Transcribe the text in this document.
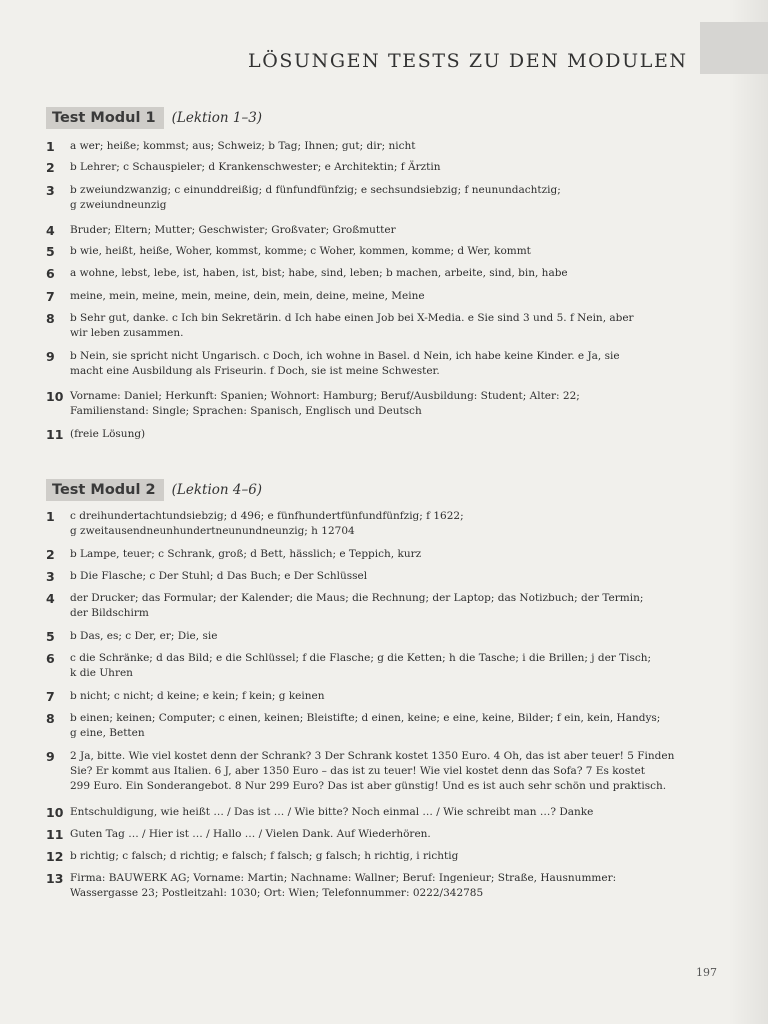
LÖSUNGEN TESTS ZU DEN MODULEN
Test Modul 1	(Lektion 1–3)
1	a wer; heiße; kommst; aus; Schweiz; b Tag; Ihnen; gut; dir; nicht
2	b Lehrer; c Schauspieler; d Krankenschwester; e Architektin; f Ärztin
3	b zweiundzwanzig; c einunddreißig; d fünfundfünfzig; e sechsundsiebzig; f neunundachtzig;
g zweiundneunzig
4	Bruder; Eltern; Mutter; Geschwister; Großvater; Großmutter
5	b wie, heißt, heiße, Woher, kommst, komme; c Woher, kommen, komme; d Wer, kommt
6	a wohne, lebst, lebe, ist, haben, ist, bist; habe, sind, leben; b machen, arbeite, sind, bin, habe
7	meine, mein, meine, mein, meine, dein, mein, deine, meine, Meine
8	b Sehr gut, danke. c Ich bin Sekretärin. d Ich habe einen Job bei X-Media. e Sie sind 3 und 5. f Nein, aber
wir leben zusammen.
9	b Nein, sie spricht nicht Ungarisch. c Doch, ich wohne in Basel. d Nein, ich habe keine Kinder. e Ja, sie
macht eine Ausbildung als Friseurin. f Doch, sie ist meine Schwester.
10 Vorname: Daniel; Herkunft: Spanien; Wohnort: Hamburg; Beruf/Ausbildung: Student; Alter: 22;
Familienstand: Single; Sprachen: Spanisch, Englisch und Deutsch
11 (freie Lösung)
Test Modul 2	(Lektion 4–6)
1	c dreihundertachtundsiebzig; d 496; e fünfhundertfünfundfünfzig; f 1622;
g zweitausendneunhundertneunundneunzig; h 12704
2	b Lampe, teuer; c Schrank, groß; d Bett, hässlich; e Teppich, kurz
3	b Die Flasche; c Der Stuhl; d Das Buch; e Der Schlüssel
4	der Drucker; das Formular; der Kalender; die Maus; die Rechnung; der Laptop; das Notizbuch; der Termin;
der Bildschirm
5	b Das, es; c Der, er; Die, sie
6	c die Schränke; d das Bild; e die Schlüssel; f die Flasche; g die Ketten; h die Tasche; i die Brillen; j der Tisch;
k die Uhren
7	b nicht; c nicht; d keine; e kein; f kein; g keinen
8	b einen; keinen; Computer; c einen, keinen; Bleistifte; d einen, keine; e eine, keine, Bilder; f ein, kein, Handys;
g eine, Betten
9	2 Ja, bitte. Wie viel kostet denn der Schrank? 3 Der Schrank kostet 1350 Euro. 4 Oh, das ist aber teuer! 5 Finden
Sie? Er kommt aus Italien. 6 J, aber 1350 Euro – das ist zu teuer! Wie viel kostet denn das Sofa? 7 Es kostet
299 Euro. Ein Sonderangebot. 8 Nur 299 Euro? Das ist aber günstig! Und es ist auch sehr schön und praktisch.
10 Entschuldigung, wie heißt … / Das ist … / Wie bitte? Noch einmal … / Wie schreibt man …? Danke
11 Guten Tag … / Hier ist … / Hallo … / Vielen Dank. Auf Wiederhören.
12 b richtig; c falsch; d richtig; e falsch; f falsch; g falsch; h richtig, i richtig
13 Firma: BAUWERK AG; Vorname: Martin; Nachname: Wallner; Beruf: Ingenieur; Straße, Hausnummer:
Wassergasse 23; Postleitzahl: 1030; Ort: Wien; Telefonnummer: 0222/342785
197
